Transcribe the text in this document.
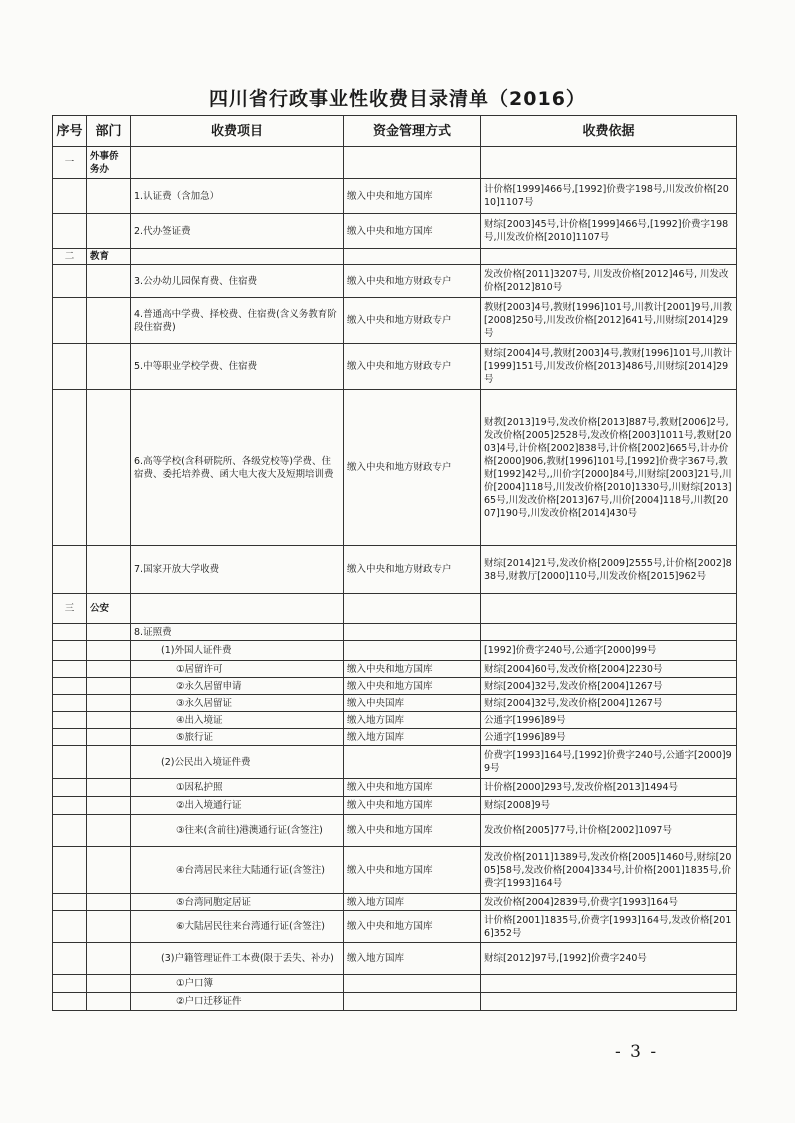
四川省行政事业性收费目录清单（2016）
序号	部门	收费项目	资金管理方式	收费依据
一	外事侨务办			
		1.认证费（含加急）	缴入中央和地方国库	计价格[1999]466号,[1992]价费字198号,川发改价格[2010]1107号
		2.代办签证费	缴入中央和地方国库	财综[2003]45号,计价格[1999]466号,[1992]价费字198号,川发改价格[2010]1107号
二	教育			
		3.公办幼儿园保育费、住宿费	缴入中央和地方财政专户	发改价格[2011]3207号, 川发改价格[2012]46号, 川发改价格[2012]810号
		4.普通高中学费、择校费、住宿费(含义务教育阶段住宿费)	缴入中央和地方财政专户	教财[2003]4号,教财[1996]101号,川教计[2001]9号,川教[2008]250号,川发改价格[2012]641号,川财综[2014]29号
		5.中等职业学校学费、住宿费	缴入中央和地方财政专户	财综[2004]4号,教财[2003]4号,教财[1996]101号,川教计[1999]151号,川发改价格[2013]486号,川财综[2014]29号
		6.高等学校(含科研院所、各级党校等)学费、住宿费、委托培养费、函大电大夜大及短期培训费	缴入中央和地方财政专户	财教[2013]19号,发改价格[2013]887号,教财[2006]2号,发改价格[2005]2528号,发改价格[2003]1011号,教财[2003]4号,计价格[2002]838号,计价格[2002]665号,计办价格[2000]906,教财[1996]101号,[1992]价费字367号,教财[1992]42号,,川价字[2000]84号,川财综[2003]21号,川价[2004]118号,川发改价格[2010]1330号,川财综[2013]65号,川发改价格[2013]67号,川价[2004]118号,川教[2007]190号,川发改价格[2014]430号
		7.国家开放大学收费	缴入中央和地方财政专户	财综[2014]21号,发改价格[2009]2555号,计价格[2002]838号,财教厅[2000]110号,川发改价格[2015]962号
三	公安			
		8.证照费		
		(1)外国人证件费		[1992]价费字240号,公通字[2000]99号
		①居留许可	缴入中央和地方国库	财综[2004]60号,发改价格[2004]2230号
		②永久居留申请	缴入中央和地方国库	财综[2004]32号,发改价格[2004]1267号
		③永久居留证	缴入中央国库	财综[2004]32号,发改价格[2004]1267号
		④出入境证	缴入地方国库	公通字[1996]89号
		⑤旅行证	缴入地方国库	公通字[1996]89号
		(2)公民出入境证件费		价费字[1993]164号,[1992]价费字240号,公通字[2000]99号
		①因私护照	缴入中央和地方国库	计价格[2000]293号,发改价格[2013]1494号
		②出入境通行证	缴入中央和地方国库	财综[2008]9号
		③往来(含前往)港澳通行证(含签注)	缴入中央和地方国库	发改价格[2005]77号,计价格[2002]1097号
		④台湾居民来往大陆通行证(含签注)	缴入中央和地方国库	发改价格[2011]1389号,发改价格[2005]1460号,财综[2005]58号,发改价格[2004]334号,计价格[2001]1835号,价费字[1993]164号
		⑤台湾同胞定居证	缴入地方国库	发改价格[2004]2839号,价费字[1993]164号
		⑥大陆居民往来台湾通行证(含签注)	缴入中央和地方国库	计价格[2001]1835号,价费字[1993]164号,发改价格[2016]352号
		(3)户籍管理证件工本费(限于丢失、补办)	缴入地方国库	财综[2012]97号,[1992]价费字240号
		①户口簿		
		②户口迁移证件		
- 3 -
